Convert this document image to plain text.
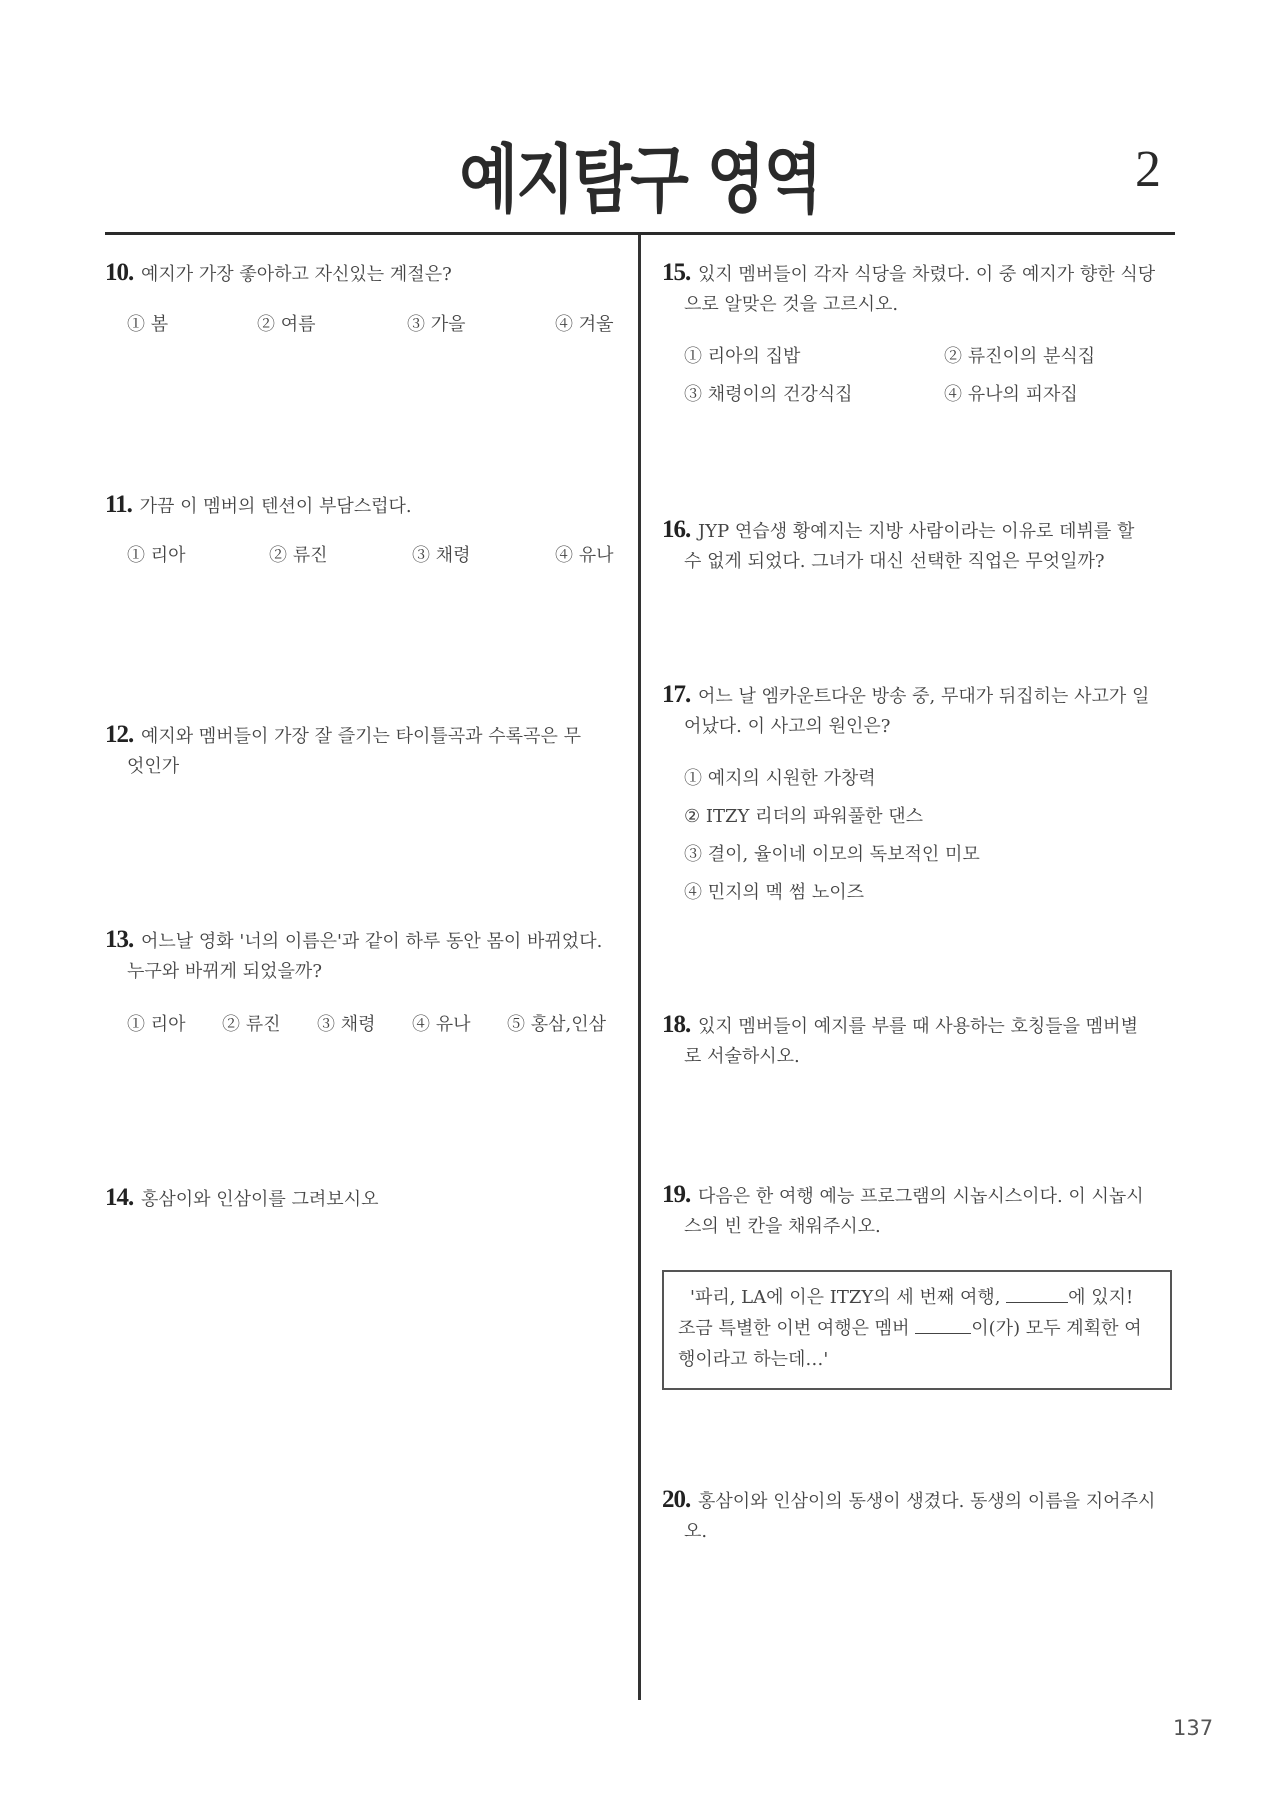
예지탐구 영역	2
10. 예지가 가장 좋아하고 자신있는 계절은?
① 봄	② 여름	③ 가을	④ 겨울
11. 가끔 이 멤버의 텐션이 부담스럽다.
① 리아	② 류진	③ 채령	④ 유나
12. 예지와 멤버들이 가장 잘 즐기는 타이틀곡과 수록곡은 무
엇인가
13. 어느날 영화 '너의 이름은'과 같이 하루 동안 몸이 바뀌었다.
누구와 바뀌게 되었을까?
① 리아 ② 류진 ③ 채령 ④ 유나 ⑤ 홍삼,인삼
14. 홍삼이와 인삼이를 그려보시오
15. 있지 멤버들이 각자 식당을 차렸다. 이 중 예지가 향한 식당
으로 알맞은 것을 고르시오.
① 리아의 집밥	② 류진이의 분식집
③ 채령이의 건강식집	④ 유나의 피자집
16. JYP 연습생 황예지는 지방 사람이라는 이유로 데뷔를 할
수 없게 되었다. 그녀가 대신 선택한 직업은 무엇일까?
17. 어느 날 엠카운트다운 방송 중, 무대가 뒤집히는 사고가 일
어났다. 이 사고의 원인은?
① 예지의 시원한 가창력
② ITZY 리더의 파워풀한 댄스
③ 결이, 율이네 이모의 독보적인 미모
④ 민지의 멕 썸 노이즈
18. 있지 멤버들이 예지를 부를 때 사용하는 호칭들을 멤버별
로 서술하시오.
19. 다음은 한 여행 예능 프로그램의 시놉시스이다. 이 시놉시
스의 빈 칸을 채워주시오.
'파리, LA에 이은 ITZY의 세 번째 여행,	에 있지!
조금 특별한 이번 여행은 멤버	이(가) 모두 계획한 여
행이라고 하는데…'
20. 홍삼이와 인삼이의 동생이 생겼다. 동생의 이름을 지어주시
오.
137
